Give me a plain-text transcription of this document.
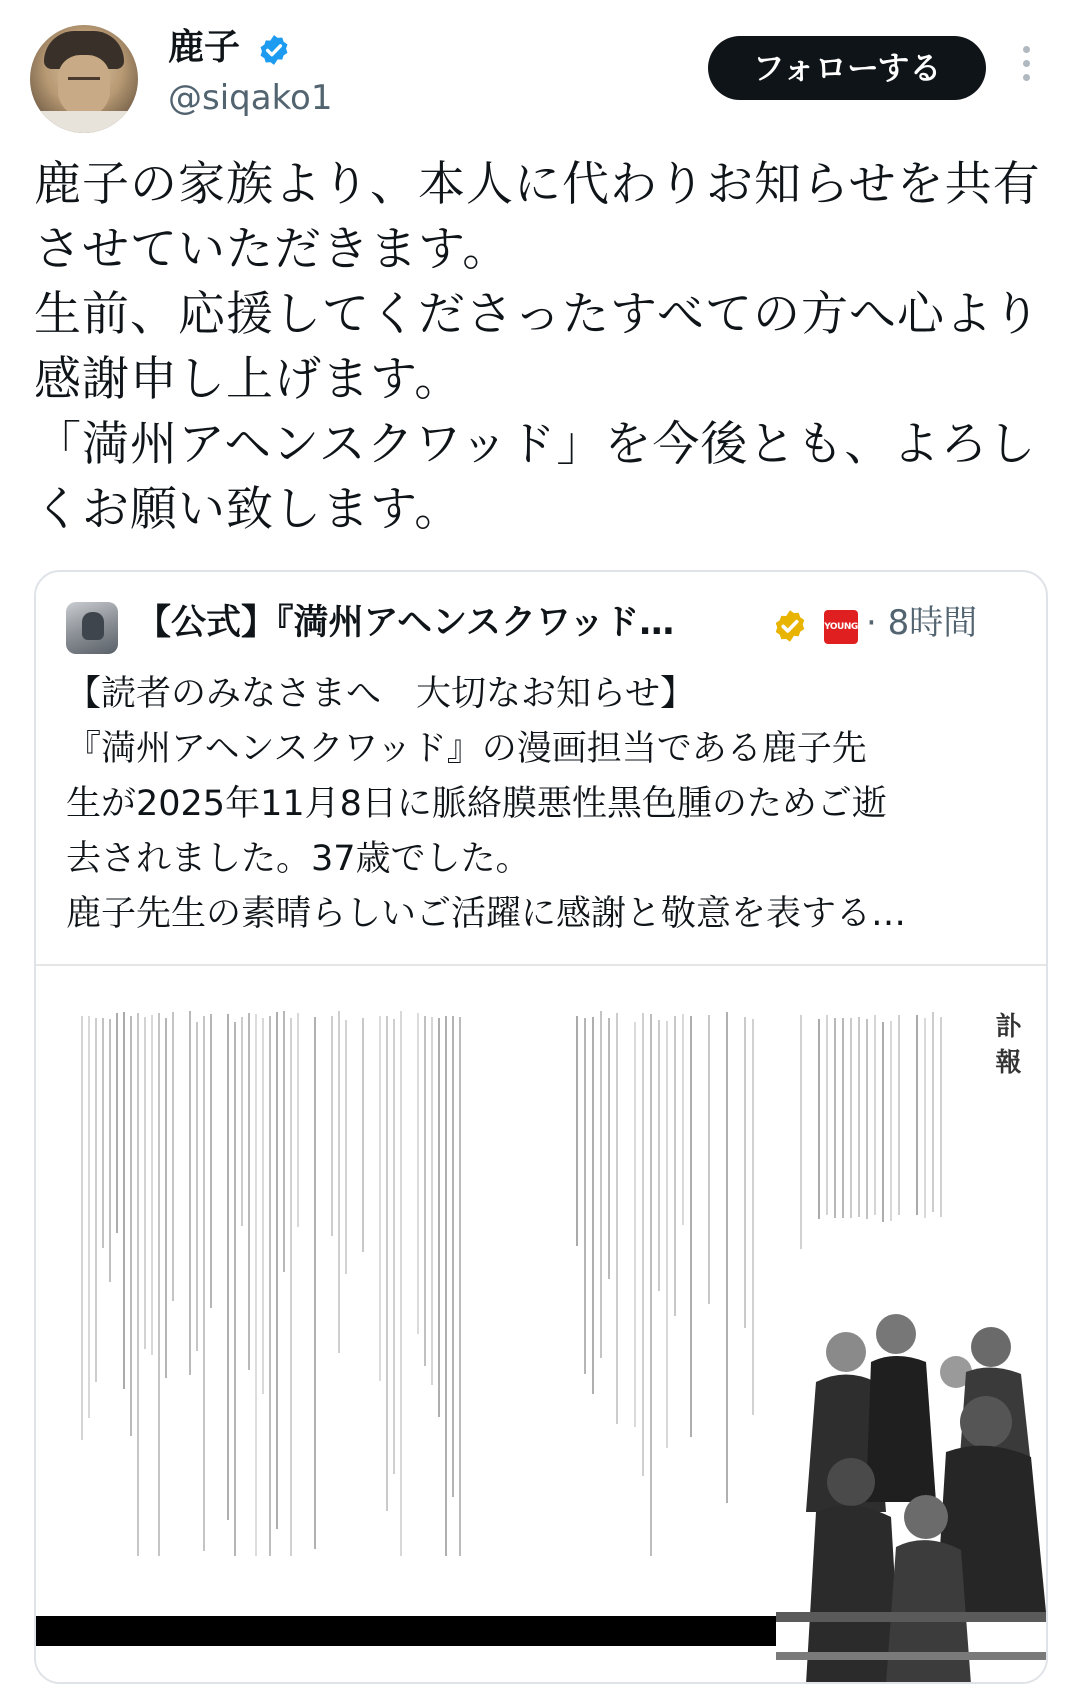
鹿子
@siqako1
フォローする
鹿子の家族より、本人に代わりお知らせを共有
させていただきます。
生前、応援してくださったすべての方へ心より
感謝申し上げます。
「満州アヘンスクワッド」を今後とも、よろし
くお願い致します。
【公式】『満州アヘンスクワッド…	YOUNG · 8時間
【読者のみなさまへ　大切なお知らせ】
『満州アヘンスクワッド』の漫画担当である鹿子先
生が2025年11月8日に脈絡膜悪性黒色腫のためご逝
去されました。37歳でした。
鹿子先生の素晴らしいご活躍に感謝と敬意を表する…
訃報
